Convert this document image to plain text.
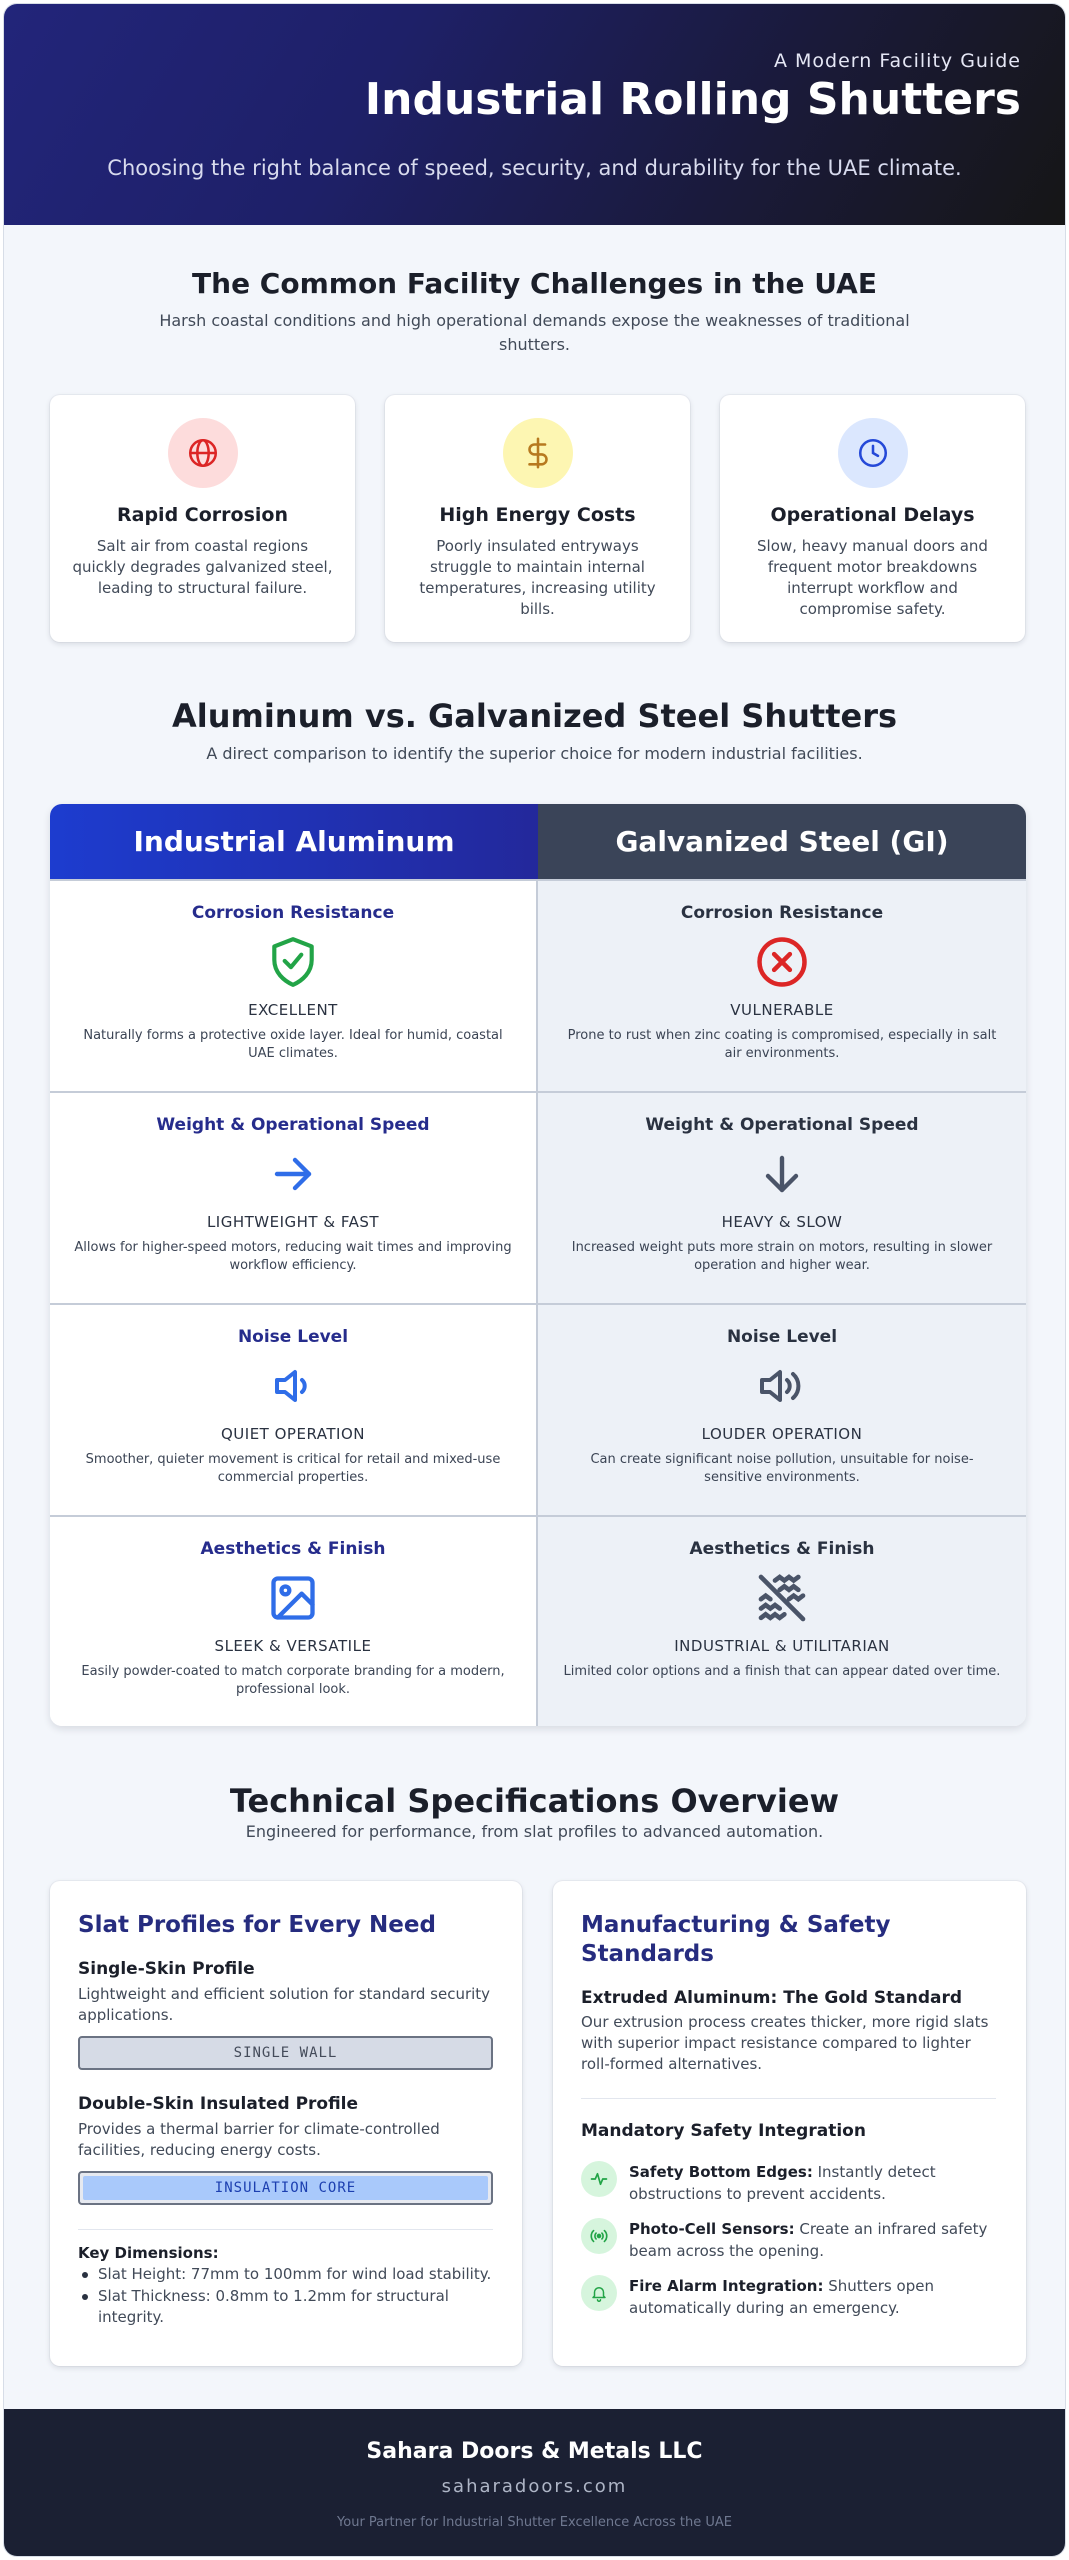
A Modern Facility Guide
Industrial Rolling Shutters

Choosing the right balance of speed, security, and durability for the UAE climate.

The Common Facility Challenges in the UAE

Harsh coastal conditions and high operational demands expose the weaknesses of traditional shutters.

Rapid Corrosion
Salt air from coastal regions quickly degrades galvanized steel, leading to structural failure.
High Energy Costs
Poorly insulated entryways struggle to maintain internal temperatures, increasing utility bills.
Operational Delays
Slow, heavy manual doors and frequent motor breakdowns interrupt workflow and compromise safety.
Aluminum vs. Galvanized Steel Shutters

A direct comparison to identify the superior choice for modern industrial facilities.

Industrial Aluminum	Galvanized Steel (GI)
Corrosion Resistance
EXCELLENT
Naturally forms a protective oxide layer. Ideal for humid, coastal UAE climates.
Corrosion Resistance
VULNERABLE
Prone to rust when zinc coating is compromised, especially in salt air environments.
Weight & Operational Speed
LIGHTWEIGHT & FAST
Allows for higher-speed motors, reducing wait times and improving workflow efficiency.
Weight & Operational Speed
HEAVY & SLOW
Increased weight puts more strain on motors, resulting in slower operation and higher wear.
Noise Level
QUIET OPERATION
Smoother, quieter movement is critical for retail and mixed-use commercial properties.
Noise Level
LOUDER OPERATION
Can create significant noise pollution, unsuitable for noise-sensitive environments.
Aesthetics & Finish
SLEEK & VERSATILE
Easily powder-coated to match corporate branding for a modern, professional look.
Aesthetics & Finish
INDUSTRIAL & UTILITARIAN
Limited color options and a finish that can appear dated over time.
Technical Specifications Overview

Engineered for performance, from slat profiles to advanced automation.

Slat Profiles for Every Need
Single-Skin Profile
Lightweight and efficient solution for standard security applications.
SINGLE WALL
Double-Skin Insulated Profile
Provides a thermal barrier for climate-controlled facilities, reducing energy costs.
INSULATION CORE
Key Dimensions:
Slat Height: 77mm to 100mm for wind load stability.
Slat Thickness: 0.8mm to 1.2mm for structural integrity.
Manufacturing & Safety Standards
Extruded Aluminum: The Gold Standard
Our extrusion process creates thicker, more rigid slats with superior impact resistance compared to lighter roll-formed alternatives.
Mandatory Safety Integration
Safety Bottom Edges: Instantly detect obstructions to prevent accidents.
Photo-Cell Sensors: Create an infrared safety beam across the opening.
Fire Alarm Integration: Shutters open automatically during an emergency.
Sahara Doors & Metals LLC
saharadoors.com
Your Partner for Industrial Shutter Excellence Across the UAE
